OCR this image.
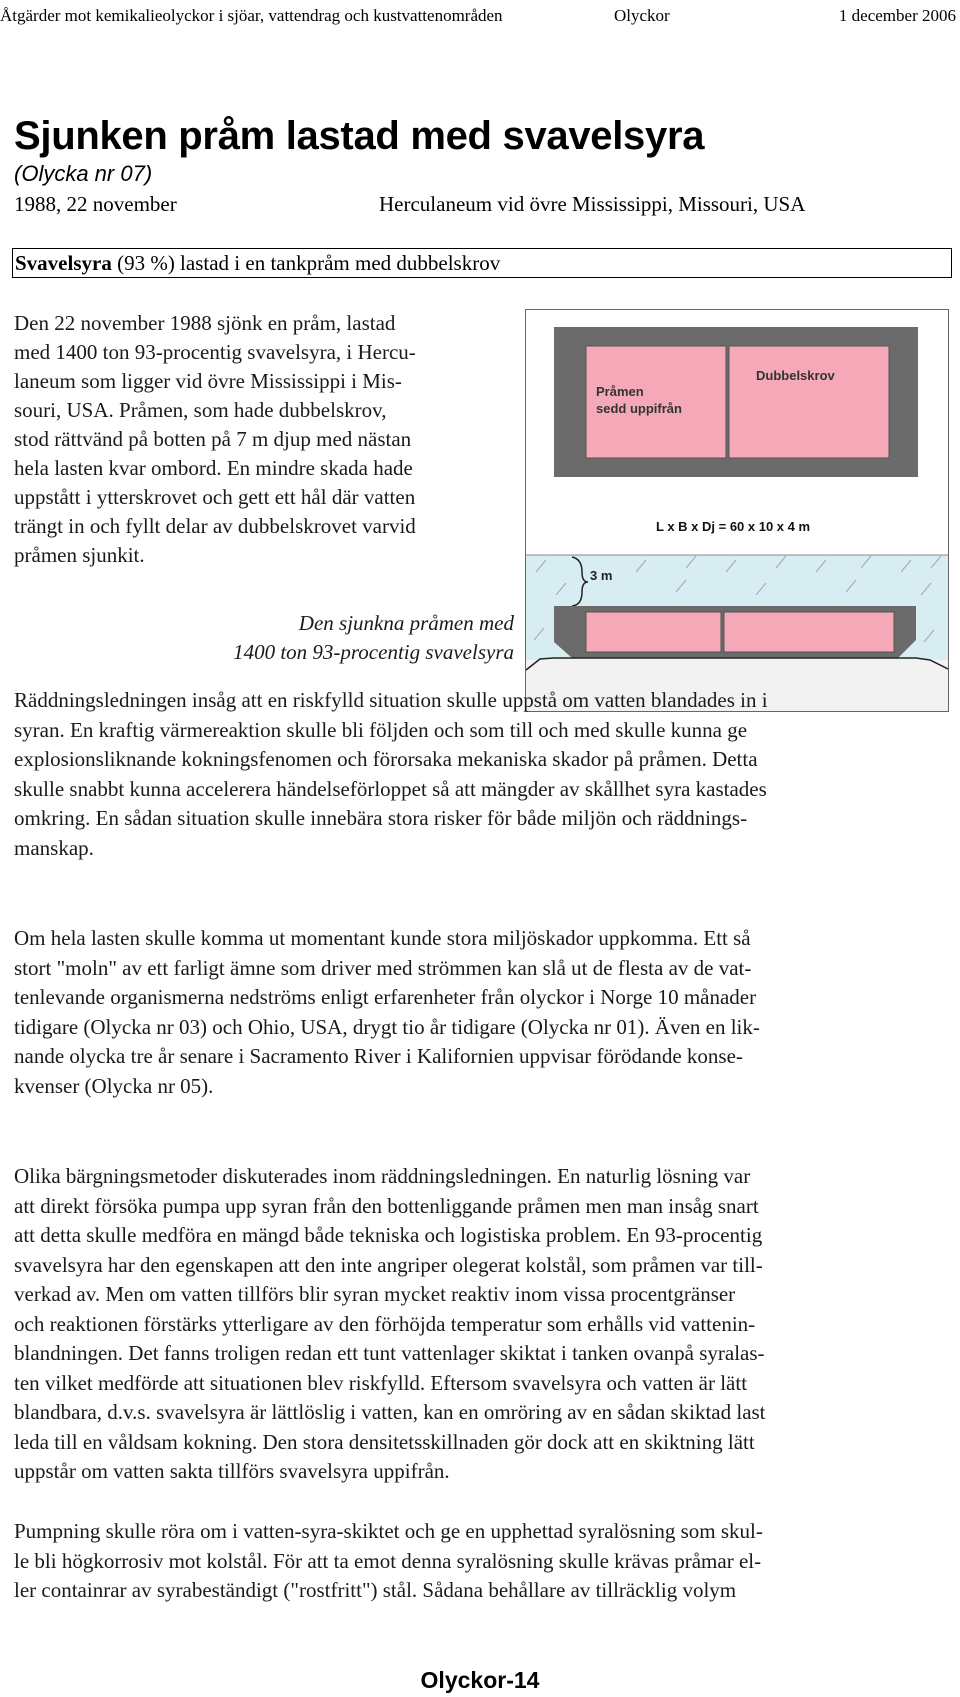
Åtgärder mot kemikalieolyckor i sjöar, vattendrag och kustvattenområden	Olyckor	1 december 2006
Sjunken pråm lastad med svavelsyra
(Olycka nr 07)
1988, 22 november	Herculaneum vid övre Mississippi, Missouri, USA
Svavelsyra (93 %) lastad i en tankpråm med dubbelskrov
Den 22 november 1988 sjönk en pråm, lastad
med 1400 ton 93-procentig svavelsyra, i Hercu-
laneum som ligger vid övre Mississippi i Mis-
souri, USA. Pråmen, som hade dubbelskrov,
stod rättvänd på botten på 7 m djup med nästan
hela lasten kvar ombord. En mindre skada hade
uppstått i ytterskrovet och gett ett hål där vatten
trängt in och fyllt delar av dubbelskrovet varvid
pråmen sjunkit.
Den sjunkna pråmen med
1400 ton 93-procentig svavelsyra
Pråmen
sedd uppifrån
Dubbelskrov
L x B x Dj = 60 x 10 x 4 m
3 m
Räddningsledningen insåg att en riskfylld situation skulle uppstå om vatten blandades in i
syran. En kraftig värmereaktion skulle bli följden och som till och med skulle kunna ge
explosionsliknande kokningsfenomen och förorsaka mekaniska skador på pråmen. Detta
skulle snabbt kunna accelerera händelseförloppet så att mängder av skållhet syra kastades
omkring. En sådan situation skulle innebära stora risker för både miljön och räddnings-
manskap.
Om hela lasten skulle komma ut momentant kunde stora miljöskador uppkomma. Ett så
stort "moln" av ett farligt ämne som driver med strömmen kan slå ut de flesta av de vat-
tenlevande organismerna nedströms enligt erfarenheter från olyckor i Norge 10 månader
tidigare (Olycka nr 03) och Ohio, USA, drygt tio år tidigare (Olycka nr 01). Även en lik-
nande olycka tre år senare i Sacramento River i Kalifornien uppvisar förödande konse-
kvenser (Olycka nr 05).
Olika bärgningsmetoder diskuterades inom räddningsledningen. En naturlig lösning var
att direkt försöka pumpa upp syran från den bottenliggande pråmen men man insåg snart
att detta skulle medföra en mängd både tekniska och logistiska problem. En 93-procentig
svavelsyra har den egenskapen att den inte angriper olegerat kolstål, som pråmen var till-
verkad av. Men om vatten tillförs blir syran mycket reaktiv inom vissa procentgränser
och reaktionen förstärks ytterligare av den förhöjda temperatur som erhålls vid vattenin-
blandningen. Det fanns troligen redan ett tunt vattenlager skiktat i tanken ovanpå syralas-
ten vilket medförde att situationen blev riskfylld. Eftersom svavelsyra och vatten är lätt
blandbara, d.v.s. svavelsyra är lättlöslig i vatten, kan en omröring av en sådan skiktad last
leda till en våldsam kokning. Den stora densitetsskillnaden gör dock att en skiktning lätt
uppstår om vatten sakta tillförs svavelsyra uppifrån.
Pumpning skulle röra om i vatten-syra-skiktet och ge en upphettad syralösning som skul-
le bli högkorrosiv mot kolstål. För att ta emot denna syralösning skulle krävas pråmar el-
ler containrar av syrabeständigt ("rostfritt") stål. Sådana behållare av tillräcklig volym
Olyckor-14
